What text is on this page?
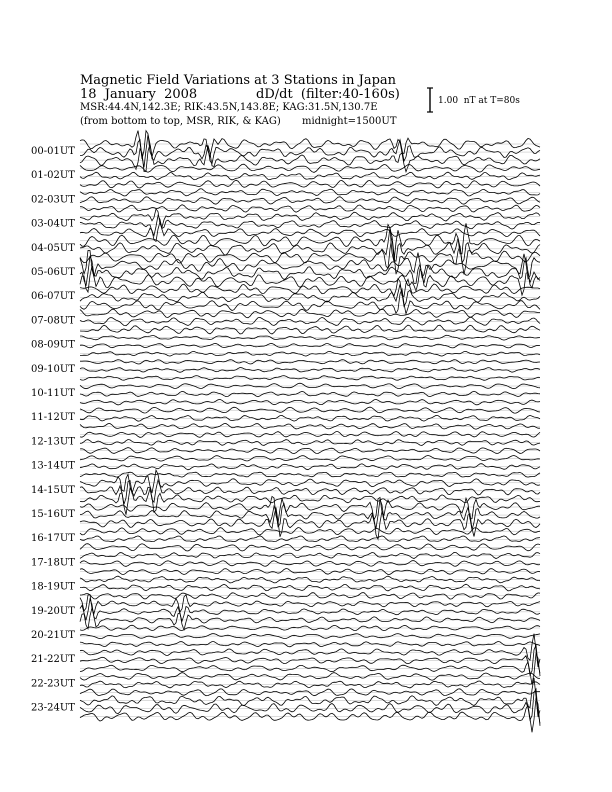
Magnetic Field Variations at 3 Stations in Japan
18  January  2008	dD/dt  (filter:40-160s)
MSR:44.4N,142.3E; RIK:43.5N,143.8E; KAG:31.5N,130.7E
(from bottom to top, MSR, RIK, & KAG) midnight=1500UT
1.00  nT at T=80s
00-01UT
01-02UT
02-03UT
03-04UT
04-05UT
05-06UT
06-07UT
07-08UT
08-09UT
09-10UT
10-11UT
11-12UT
12-13UT
13-14UT
14-15UT
15-16UT
16-17UT
17-18UT
18-19UT
19-20UT
20-21UT
21-22UT
22-23UT
23-24UT
